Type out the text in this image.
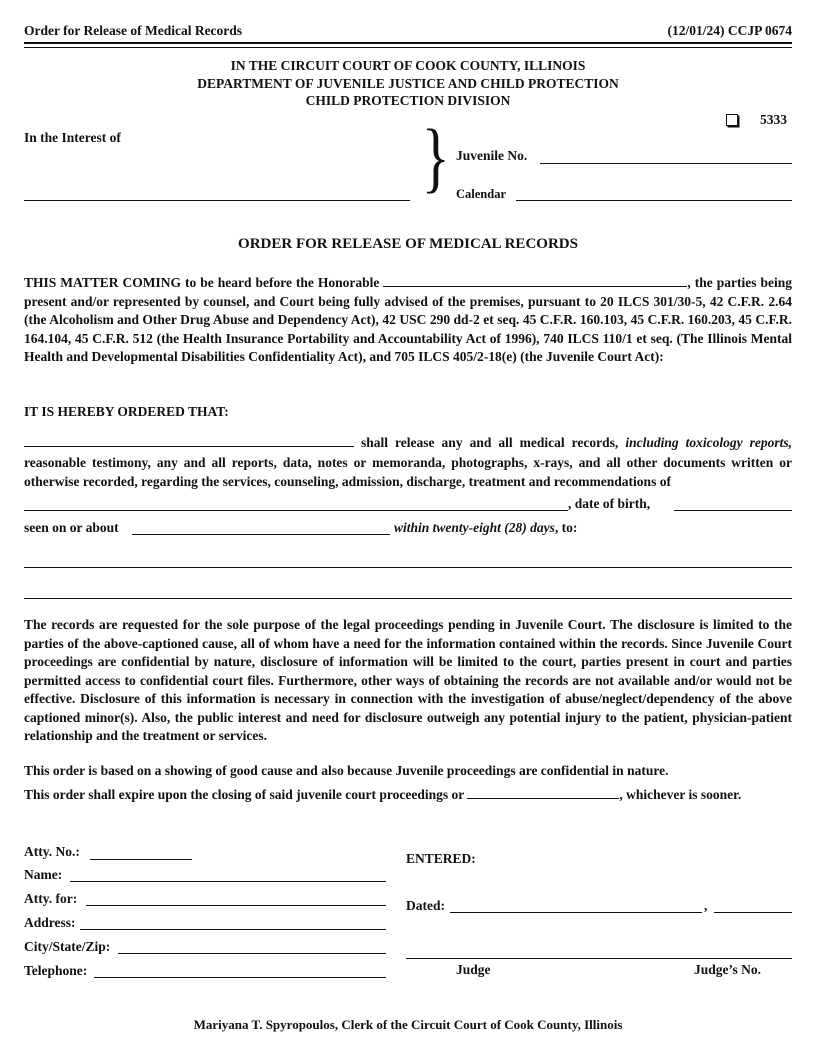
Order for Release of Medical Records	(12/01/24) CCJP 0674
IN THE CIRCUIT COURT OF COOK COUNTY, ILLINOIS
DEPARTMENT OF JUVENILE JUSTICE AND CHILD PROTECTION
CHILD PROTECTION DIVISION
5333
In the Interest of	} Juvenile No.
Calendar
ORDER FOR RELEASE OF MEDICAL RECORDS
THIS MATTER COMING to be heard before the Honorable	, the parties being present and/or represented by counsel, and Court being fully advised of the premises, pursuant to 20 ILCS 301/30-5, 42 C.F.R. 2.64 (the Alcoholism and Other Drug Abuse and Dependency Act), 42 USC 290 dd-2 et seq. 45 C.F.R. 160.103, 45 C.F.R. 160.203, 45 C.F.R. 164.104, 45 C.F.R. 512 (the Health Insurance Portability and Accountability Act of 1996), 740 ILCS 110/1 et seq. (The Illinois Mental Health and Developmental Disabilities Confidentiality Act), and 705 ILCS 405/2-18(e) (the Juvenile Court Act):
IT IS HEREBY ORDERED THAT:
shall release any and all medical records, including toxicology reports, reasonable testimony, any and all reports, data, notes or memoranda, photographs, x-rays, and all other documents written or otherwise recorded, regarding the services, counseling, admission, discharge, treatment and recommendations of
, date of birth,
seen on or about	within twenty-eight (28) days, to:
The records are requested for the sole purpose of the legal proceedings pending in Juvenile Court. The disclosure is limited to the parties of the above-captioned cause, all of whom have a need for the information contained within the records. Since Juvenile Court proceedings are confidential by nature, disclosure of information will be limited to the court, parties present in court and parties permitted access to confidential court files. Furthermore, other ways of obtaining the records are not available and/or would not be effective. Disclosure of this information is necessary in connection with the investigation of abuse/neglect/dependency of the above captioned minor(s). Also, the public interest and need for disclosure outweigh any potential injury to the patient, physician-patient relationship and the treatment or services.
This order is based on a showing of good cause and also because Juvenile proceedings are confidential in nature.
This order shall expire upon the closing of said juvenile court proceedings or	, whichever is sooner.
Atty. No.:
Name:
Atty. for:
Address:
City/State/Zip:
Telephone:
ENTERED:
Dated:	,
Judge	Judge’s No.
Mariyana T. Spyropoulos, Clerk of the Circuit Court of Cook County, Illinois
